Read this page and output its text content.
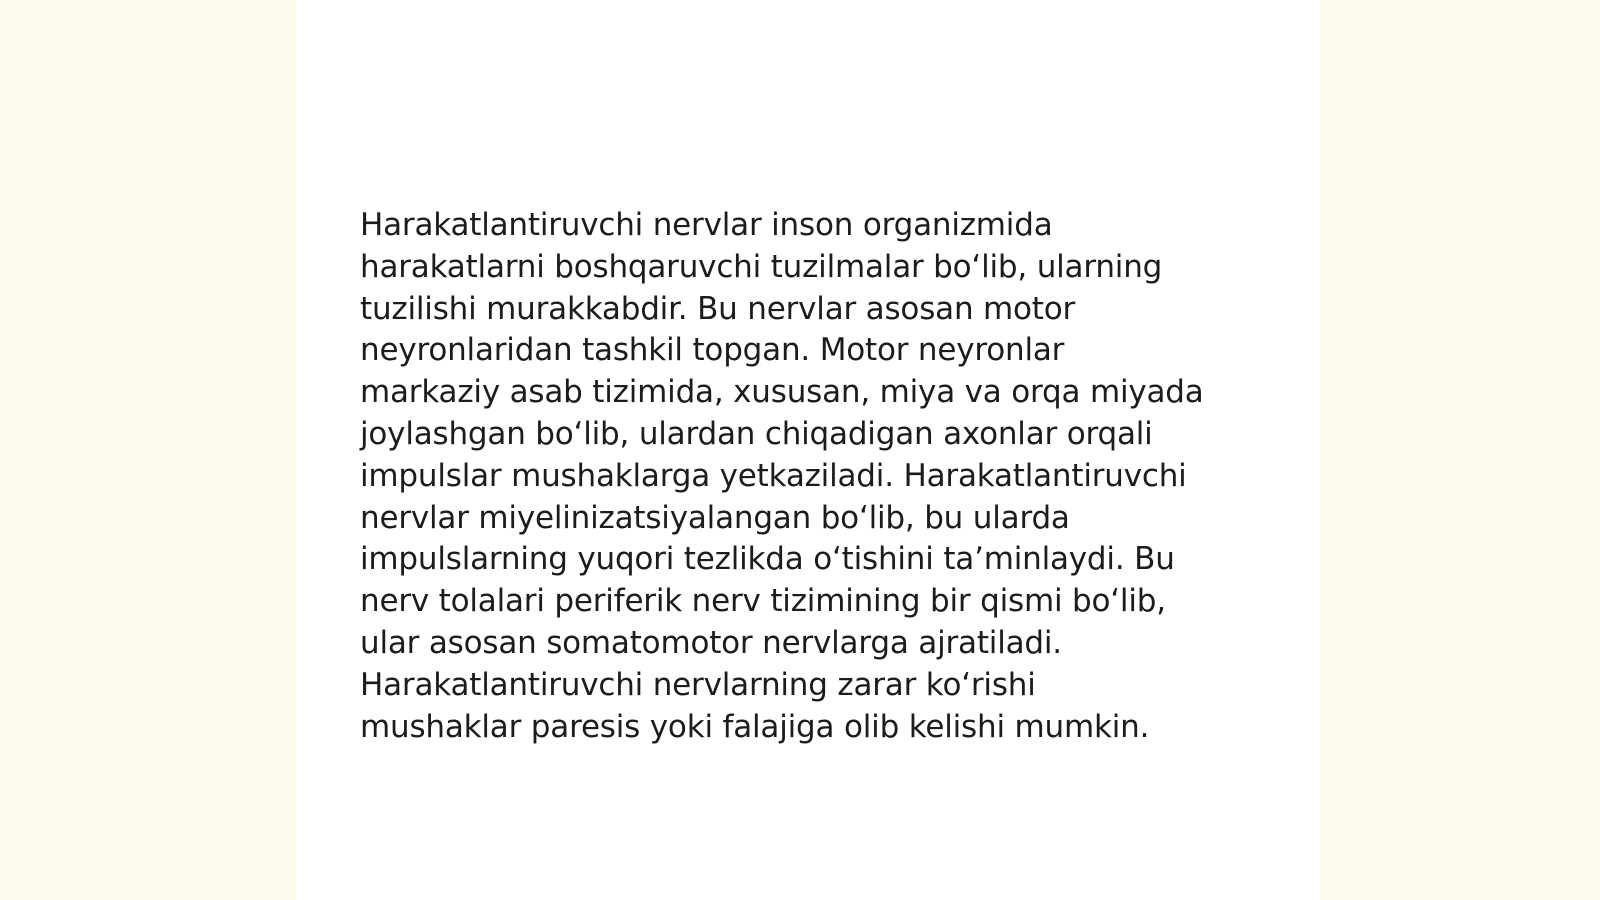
Harakatlantiruvchi nervlar inson organizmida
harakatlarni boshqaruvchi tuzilmalar bo‘lib, ularning
tuzilishi murakkabdir. Bu nervlar asosan motor
neyronlaridan tashkil topgan. Motor neyronlar
markaziy asab tizimida, xususan, miya va orqa miyada
joylashgan bo‘lib, ulardan chiqadigan axonlar orqali
impulslar mushaklarga yetkaziladi. Harakatlantiruvchi
nervlar miyelinizatsiyalangan bo‘lib, bu ularda
impulslarning yuqori tezlikda o‘tishini ta’minlaydi. Bu
nerv tolalari periferik nerv tizimining bir qismi bo‘lib,
ular asosan somatomotor nervlarga ajratiladi.
Harakatlantiruvchi nervlarning zarar ko‘rishi
mushaklar paresis yoki falajiga olib kelishi mumkin.
